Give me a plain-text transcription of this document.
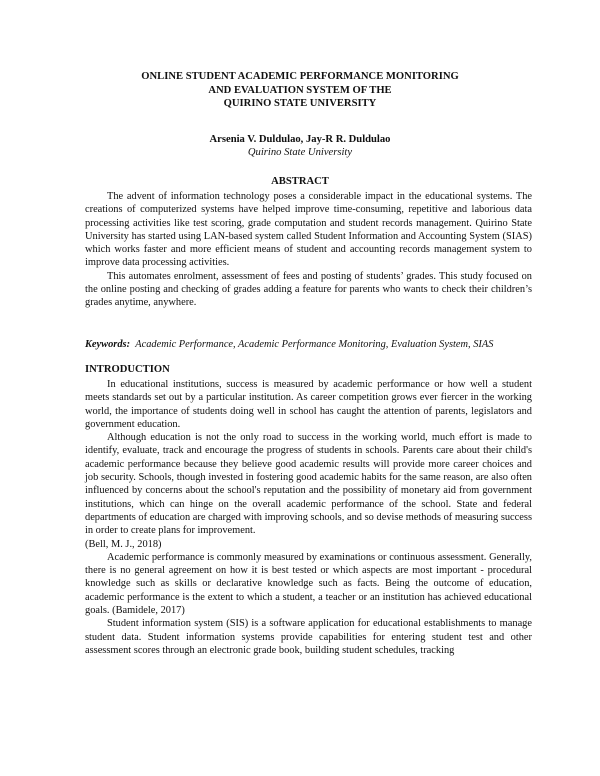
ONLINE STUDENT ACADEMIC PERFORMANCE MONITORING
AND EVALUATION SYSTEM OF THE
QUIRINO STATE UNIVERSITY
Arsenia V. Duldulao, Jay-R R. Duldulao
Quirino State University
ABSTRACT

The advent of information technology poses a considerable impact in the educational systems. The creations of computerized systems have helped improve time-consuming, repetitive and laborious data processing activities like test scoring, grade computation and student records management. Quirino State University has started using LAN-based system called Student Information and Accounting System (SIAS) which works faster and more efficient means of student and accounting records management system to improve data processing activities.

This automates enrolment, assessment of fees and posting of students’ grades. This study focused on the online posting and checking of grades adding a feature for parents who wants to check their children’s grades anytime, anywhere.

Keywords: Academic Performance, Academic Performance Monitoring, Evaluation System, SIAS
INTRODUCTION

In educational institutions, success is measured by academic performance or how well a student meets standards set out by a particular institution. As career competition grows ever fiercer in the working world, the importance of students doing well in school has caught the attention of parents, legislators and government education.

Although education is not the only road to success in the working world, much effort is made to identify, evaluate, track and encourage the progress of students in schools. Parents care about their child's academic performance because they believe good academic results will provide more career choices and job security. Schools, though invested in fostering good academic habits for the same reason, are also often influenced by concerns about the school's reputation and the possibility of monetary aid from government institutions, which can hinge on the overall academic performance of the school. State and federal departments of education are charged with improving schools, and so devise methods of measuring success in order to create plans for improvement.

(Bell, M. J., 2018)

Academic performance is commonly measured by examinations or continuous assessment. Generally, there is no general agreement on how it is best tested or which aspects are most important - procedural knowledge such as skills or declarative knowledge such as facts. Being the outcome of education, academic performance is the extent to which a student, a teacher or an institution has achieved educational goals. (Bamidele, 2017)

Student information system (SIS) is a software application for educational establishments to manage student data. Student information systems provide capabilities for entering student test and other assessment scores through an electronic grade book, building student schedules, tracking
